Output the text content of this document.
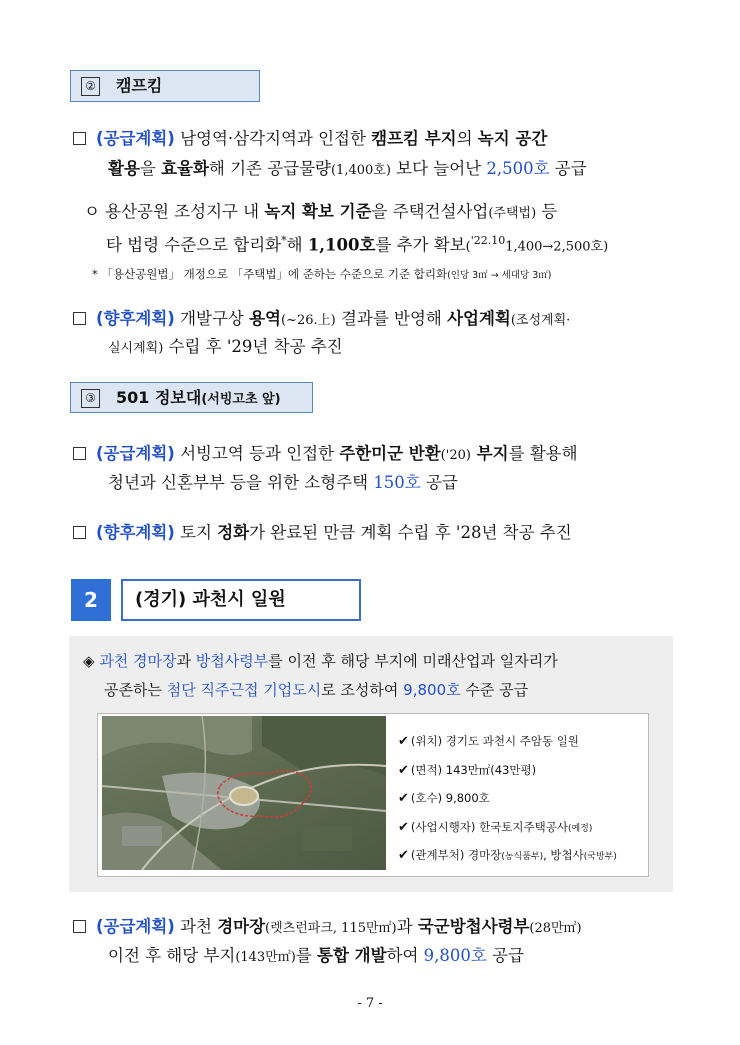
② 캠프킴
(공급계획) 남영역·삼각지역과 인접한 캠프킴 부지의 녹지 공간
활용을 효율화해 기존 공급물량(1,400호) 보다 늘어난 2,500호 공급
ㅇ 용산공원 조성지구 내 녹지 확보 기준을 주택건설사업(주택법) 등
타 법령 수준으로 합리화*해 1,100호를 추가 확보($^{'22.10}$1,400→2,500호)
* 「용산공원법」 개정으로 「주택법」에 준하는 수준으로 기준 합리화(인당 3㎡ → 세대당 3㎡)
(향후계획) 개발구상 용역(~26.上) 결과를 반영해 사업계획(조성계획·
실시계획) 수립 후 '29년 착공 추진
③ 501 정보대(서빙고초 앞)
(공급계획) 서빙고역 등과 인접한 주한미군 반환('20) 부지를 활용해
청년과 신혼부부 등을 위한 소형주택 150호 공급
(향후계획) 토지 정화가 완료된 만큼 계획 수립 후 '28년 착공 추진
2	(경기) 과천시 일원
◈ 과천 경마장과 방첩사령부를 이전 후 해당 부지에 미래산업과 일자리가
공존하는 첨단 직주근접 기업도시로 조성하여 9,800호 수준 공급
✔ (위치) 경기도 과천시 주암동 일원
✔ (면적) 143만㎡(43만평)
✔ (호수) 9,800호
✔ (사업시행자) 한국토지주택공사(예정)
✔ (관계부처) 경마장(농식품부), 방첩사(국방부)
(공급계획) 과천 경마장(렛츠런파크, 115만㎡)과 국군방첩사령부(28만㎡)
이전 후 해당 부지(143만㎡)를 통합 개발하여 9,800호 공급
- 7 -
